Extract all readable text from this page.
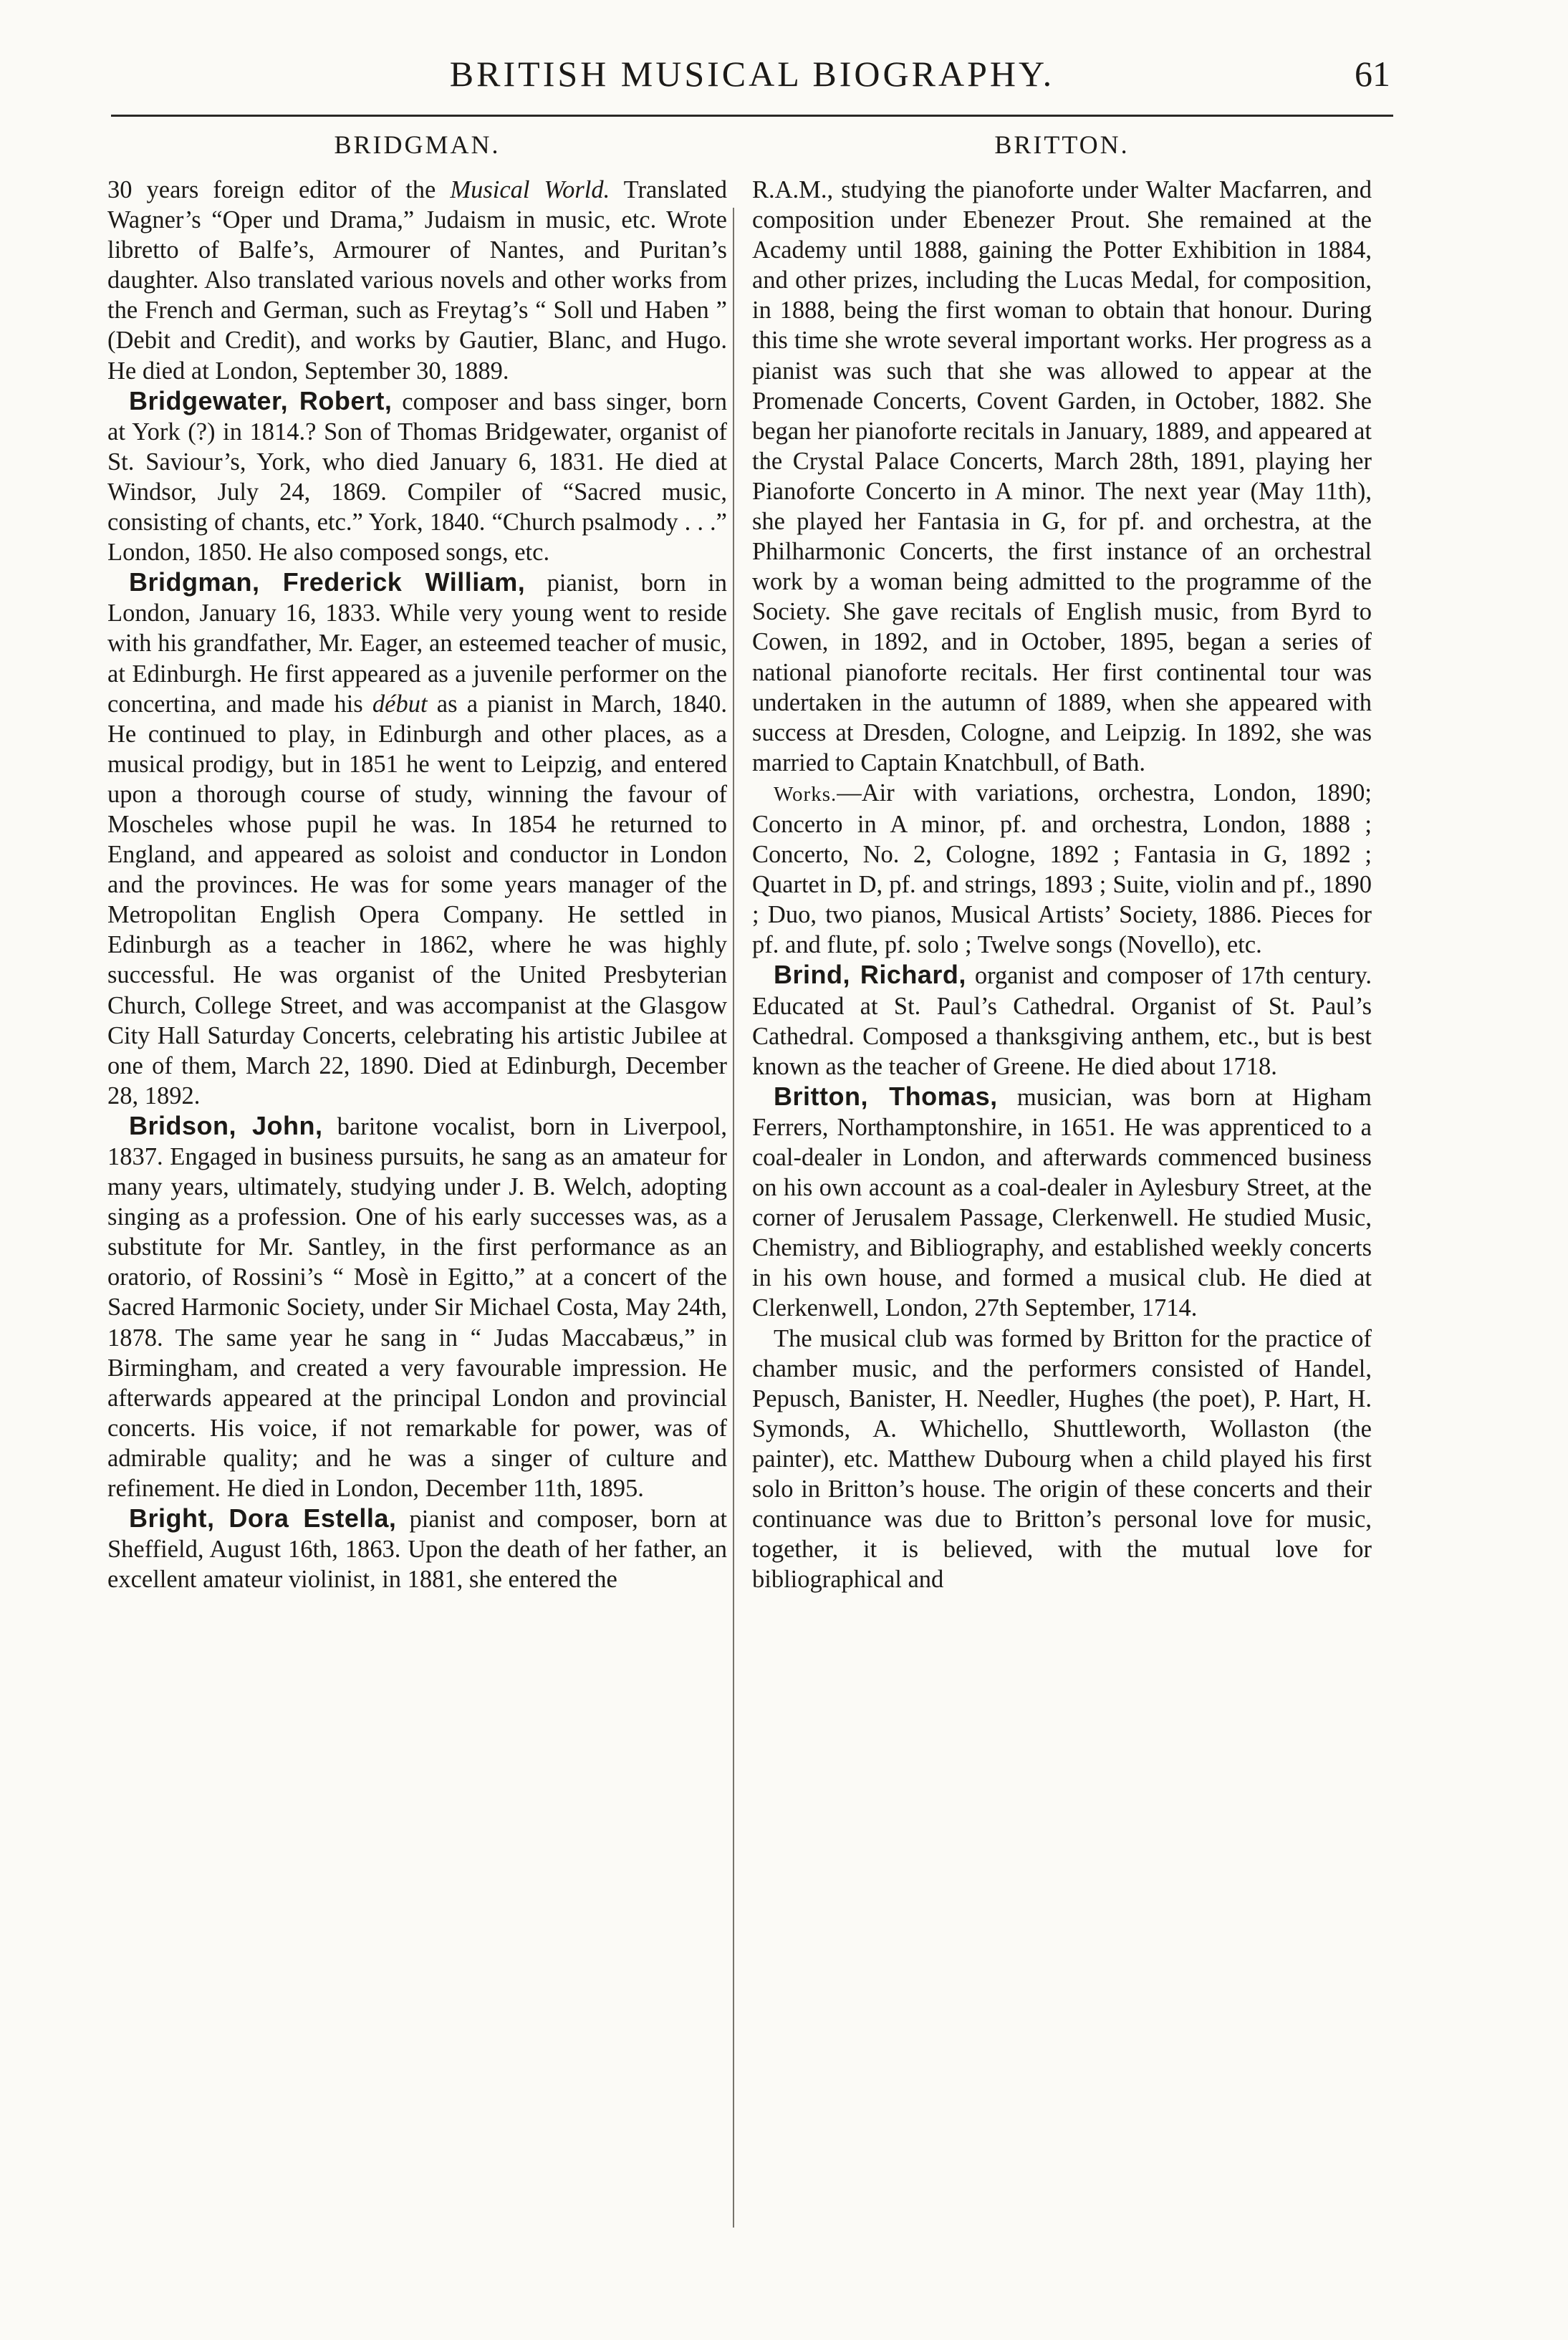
BRITISH MUSICAL BIOGRAPHY.	61
BRIDGMAN.

30 years foreign editor of the Musical World. Translated Wagner’s “Oper und Drama,” Judaism in music, etc. Wrote libretto of Balfe’s, Armourer of Nantes, and Puritan’s daughter. Also translated various novels and other works from the French and German, such as Freytag’s “ Soll und Haben ” (Debit and Credit), and works by Gautier, Blanc, and Hugo. He died at London, September 30, 1889.

Bridgewater, Robert, composer and bass singer, born at York (?) in 1814.? Son of Thomas Bridgewater, organist of St. Saviour’s, York, who died January 6, 1831. He died at Windsor, July 24, 1869. Compiler of “Sacred music, consisting of chants, etc.” York, 1840. “Church psalmody . . .” London, 1850. He also composed songs, etc.

Bridgman, Frederick William, pianist, born in London, January 16, 1833. While very young went to reside with his grandfather, Mr. Eager, an esteemed teacher of music, at Edinburgh. He first appeared as a juvenile performer on the concertina, and made his début as a pianist in March, 1840. He continued to play, in Edinburgh and other places, as a musical prodigy, but in 1851 he went to Leipzig, and entered upon a thorough course of study, winning the favour of Moscheles whose pupil he was. In 1854 he returned to England, and appeared as soloist and conductor in London and the provinces. He was for some years manager of the Metropolitan English Opera Company. He settled in Edinburgh as a teacher in 1862, where he was highly successful. He was organist of the United Presbyterian Church, College Street, and was accompanist at the Glasgow City Hall Saturday Concerts, celebrating his artistic Jubilee at one of them, March 22, 1890. Died at Edinburgh, December 28, 1892.

Bridson, John, baritone vocalist, born in Liverpool, 1837. Engaged in business pursuits, he sang as an amateur for many years, ultimately, studying under J. B. Welch, adopting singing as a profession. One of his early successes was, as a substitute for Mr. Santley, in the first performance as an oratorio, of Rossini’s “ Mosè in Egitto,” at a concert of the Sacred Harmonic Society, under Sir Michael Costa, May 24th, 1878. The same year he sang in “ Judas Maccabæus,” in Birmingham, and created a very favourable impression. He afterwards appeared at the principal London and provincial concerts. His voice, if not remarkable for power, was of admirable quality; and he was a singer of culture and refinement. He died in London, December 11th, 1895.

Bright, Dora Estella, pianist and composer, born at Sheffield, August 16th, 1863. Upon the death of her father, an excellent amateur violinist, in 1881, she entered the

BRITTON.

R.A.M., studying the pianoforte under Walter Macfarren, and composition under Ebenezer Prout. She remained at the Academy until 1888, gaining the Potter Exhibition in 1884, and other prizes, including the Lucas Medal, for composition, in 1888, being the first woman to obtain that honour. During this time she wrote several important works. Her progress as a pianist was such that she was allowed to appear at the Promenade Concerts, Covent Garden, in October, 1882. She began her pianoforte recitals in January, 1889, and appeared at the Crystal Palace Concerts, March 28th, 1891, playing her Pianoforte Concerto in A minor. The next year (May 11th), she played her Fantasia in G, for pf. and orchestra, at the Philharmonic Concerts, the first instance of an orchestral work by a woman being admitted to the programme of the Society. She gave recitals of English music, from Byrd to Cowen, in 1892, and in October, 1895, began a series of national pianoforte recitals. Her first continental tour was undertaken in the autumn of 1889, when she appeared with success at Dresden, Cologne, and Leipzig. In 1892, she was married to Captain Knatchbull, of Bath.

Works.—Air with variations, orchestra, London, 1890; Concerto in A minor, pf. and orchestra, London, 1888 ; Concerto, No. 2, Cologne, 1892 ; Fantasia in G, 1892 ; Quartet in D, pf. and strings, 1893 ; Suite, violin and pf., 1890 ; Duo, two pianos, Musical Artists’ Society, 1886. Pieces for pf. and flute, pf. solo ; Twelve songs (Novello), etc.

Brind, Richard, organist and composer of 17th century. Educated at St. Paul’s Cathedral. Organist of St. Paul’s Cathedral. Composed a thanksgiving anthem, etc., but is best known as the teacher of Greene. He died about 1718.

Britton, Thomas, musician, was born at Higham Ferrers, Northamptonshire, in 1651. He was apprenticed to a coal-dealer in London, and afterwards commenced business on his own account as a coal-dealer in Aylesbury Street, at the corner of Jerusalem Passage, Clerkenwell. He studied Music, Chemistry, and Bibliography, and established weekly concerts in his own house, and formed a musical club. He died at Clerkenwell, London, 27th September, 1714.

The musical club was formed by Britton for the practice of chamber music, and the performers consisted of Handel, Pepusch, Banister, H. Needler, Hughes (the poet), P. Hart, H. Symonds, A. Whichello, Shuttleworth, Wollaston (the painter), etc. Matthew Dubourg when a child played his first solo in Britton’s house. The origin of these concerts and their continuance was due to Britton’s personal love for music, together, it is believed, with the mutual love for bibliographical and
